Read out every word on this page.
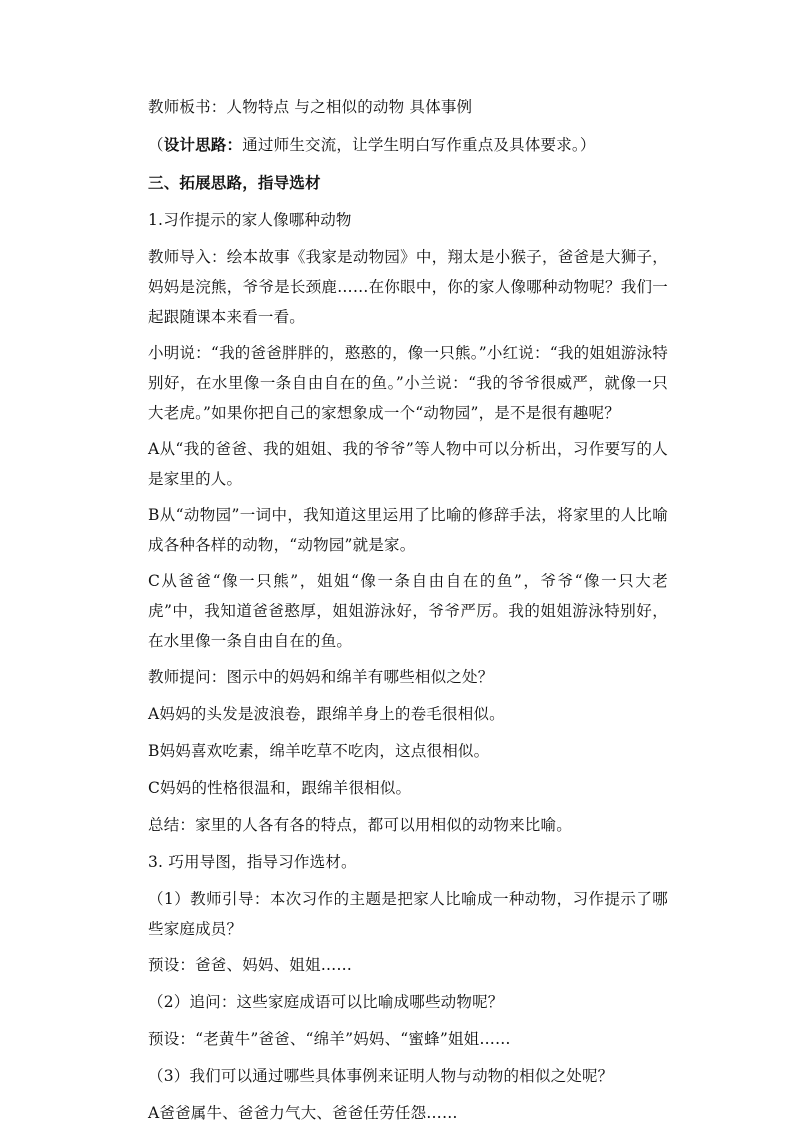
教师板书：人物特点 与之相似的动物 具体事例

（设计思路：通过师生交流，让学生明白写作重点及具体要求。）

三、拓展思路，指导选材

1.习作提示的家人像哪种动物

教师导入：绘本故事《我家是动物园》中，翔太是小猴子，爸爸是大狮子，妈妈是浣熊，爷爷是长颈鹿……在你眼中，你的家人像哪种动物呢？我们一起跟随课本来看一看。

小明说：“我的爸爸胖胖的，憨憨的，像一只熊。”小红说：“我的姐姐游泳特别好，在水里像一条自由自在的鱼。”小兰说：“我的爷爷很威严，就像一只大老虎。”如果你把自己的家想象成一个“动物园”，是不是很有趣呢？

A从“我的爸爸、我的姐姐、我的爷爷”等人物中可以分析出，习作要写的人是家里的人。

B从“动物园”一词中，我知道这里运用了比喻的修辞手法，将家里的人比喻成各种各样的动物，“动物园”就是家。

C从爸爸“像一只熊”，姐姐“像一条自由自在的鱼”，爷爷“像一只大老虎”中，我知道爸爸憨厚，姐姐游泳好，爷爷严厉。我的姐姐游泳特别好，在水里像一条自由自在的鱼。

教师提问：图示中的妈妈和绵羊有哪些相似之处？

A妈妈的头发是波浪卷，跟绵羊身上的卷毛很相似。

B妈妈喜欢吃素，绵羊吃草不吃肉，这点很相似。

C妈妈的性格很温和，跟绵羊很相似。

总结：家里的人各有各的特点，都可以用相似的动物来比喻。

3. 巧用导图，指导习作选材。

（1）教师引导：本次习作的主题是把家人比喻成一种动物，习作提示了哪些家庭成员？

预设：爸爸、妈妈、姐姐……

（2）追问：这些家庭成语可以比喻成哪些动物呢？

预设：“老黄牛”爸爸、“绵羊”妈妈、“蜜蜂”姐姐……

（3）我们可以通过哪些具体事例来证明人物与动物的相似之处呢？

A爸爸属牛、爸爸力气大、爸爸任劳任怨……
